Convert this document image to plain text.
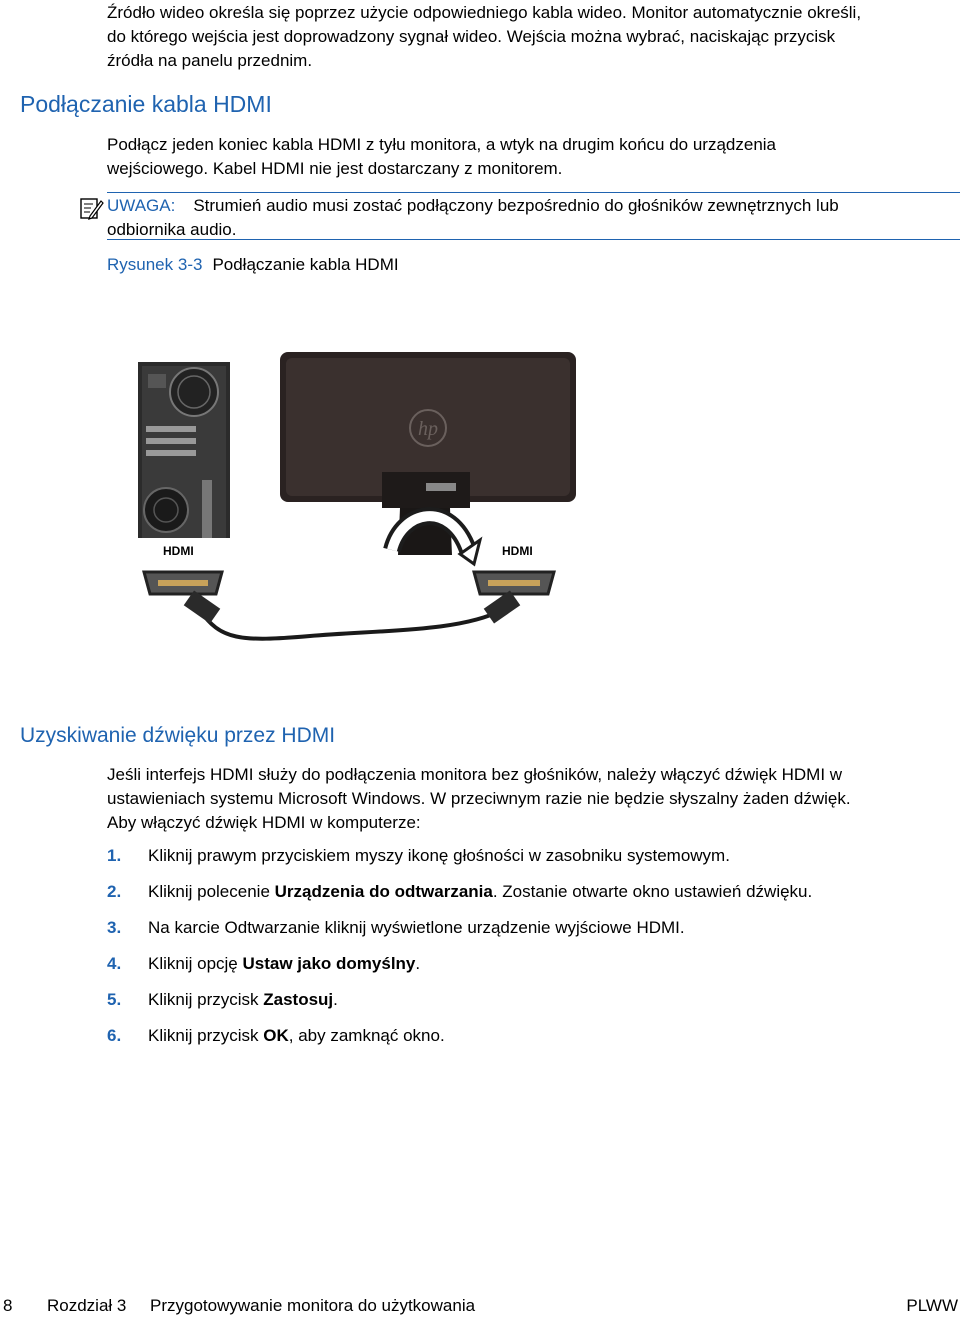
Źródło wideo określa się poprzez użycie odpowiedniego kabla wideo. Monitor automatycznie określi,
do którego wejścia jest doprowadzony sygnał wideo. Wejścia można wybrać, naciskając przycisk
źródła na panelu przednim.

Podłączanie kabla HDMI

Podłącz jeden koniec kabla HDMI z tyłu monitora, a wtyk na drugim końcu do urządzenia
wejściowego. Kabel HDMI nie jest dostarczany z monitorem.

UWAGA: Strumień audio musi zostać podłączony bezpośrednio do głośników zewnętrznych lub
odbiornika audio.

Rysunek 3-3 Podłączanie kabla HDMI

hp
HDMI	HDMI
Uzyskiwanie dźwięku przez HDMI

Jeśli interfejs HDMI służy do podłączenia monitora bez głośników, należy włączyć dźwięk HDMI w
ustawieniach systemu Microsoft Windows. W przeciwnym razie nie będzie słyszalny żaden dźwięk.
Aby włączyć dźwięk HDMI w komputerze:

1. Kliknij prawym przyciskiem myszy ikonę głośności w zasobniku systemowym.
2. Kliknij polecenie Urządzenia do odtwarzania. Zostanie otwarte okno ustawień dźwięku.
3. Na karcie Odtwarzanie kliknij wyświetlone urządzenie wyjściowe HDMI.
4. Kliknij opcję Ustaw jako domyślny.
5. Kliknij przycisk Zastosuj.
6. Kliknij przycisk OK, aby zamknąć okno.
8 Rozdział 3 Przygotowywanie monitora do użytkowania	PLWW
